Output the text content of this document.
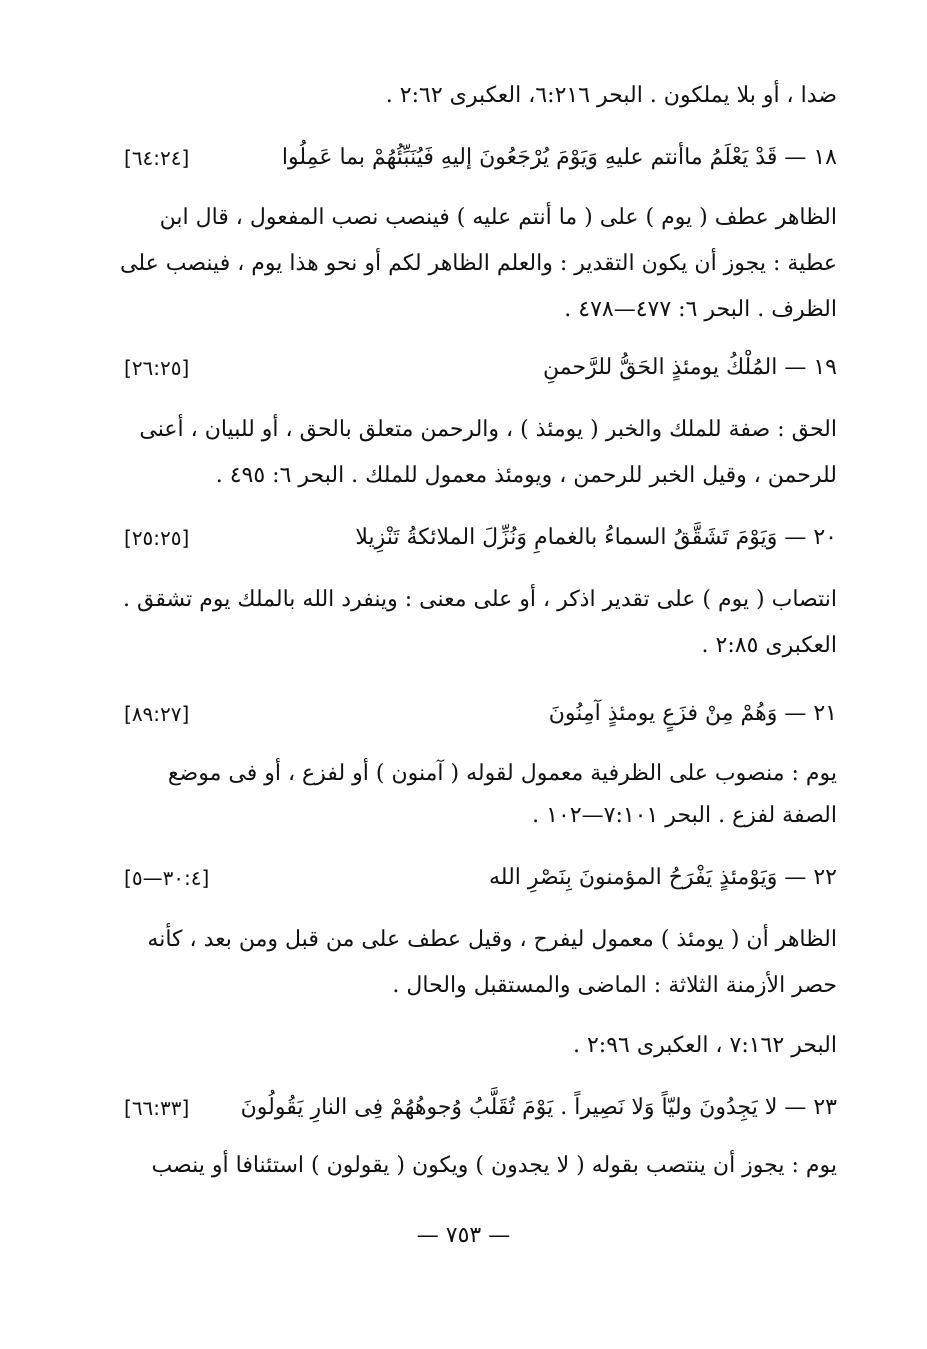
ضدا ، أو بلا يملكون . البحر ٦:٢١٦، العكبرى ٢:٦٢ .
١٨ — قَدْ يَعْلَمُ ماأنتم عليهِ وَيَوْمَ يُرْجَعُونَ إليهِ فَيُنَبِّئُهُمْ بما عَمِلُوا
[٦٤:٢٤]
الظاهر عطف ( يوم ) على ( ما أنتم عليه ) فينصب نصب المفعول ، قال ابن
عطية : يجوز أن يكون التقدير : والعلم الظاهر لكم أو نحو هذا يوم ، فينصب على
الظرف . البحر ٦: ٤٧٧—٤٧٨ .
١٩ — المُلْكُ يومئذٍ الحَقُّ للرَّحمنِ
[٢٦:٢٥]
الحق : صفة للملك والخبر ( يومئذ ) ، والرحمن متعلق بالحق ، أو للبيان ، أعنى
للرحمن ، وقيل الخبر للرحمن ، ويومئذ معمول للملك . البحر ٦: ٤٩٥ .
٢٠ — وَيَوْمَ تَشَقَّقُ السماءُ بالغمامِ وَنُزِّلَ الملائكةُ تَنْزِيلا
[٢٥:٢٥]
انتصاب ( يوم ) على تقدير اذكر ، أو على معنى : وينفرد الله بالملك يوم تشقق .
العكبرى ٢:٨٥ .
٢١ — وَهُمْ مِنْ فزَعٍ يومئذٍ آمِنُونَ
[٨٩:٢٧]
يوم : منصوب على الظرفية معمول لقوله ( آمنون ) أو لفزع ، أو فى موضع
الصفة لفزع . البحر ٧:١٠١—١٠٢ .
٢٢ — وَيَوْمئذٍ يَفْرَحُ المؤمنونَ بِنَصْرِ الله
[٣٠:٤—٥]
الظاهر أن ( يومئذ ) معمول ليفرح ، وقيل عطف على من قبل ومن بعد ، كأنه
حصر الأزمنة الثلاثة : الماضى والمستقبل والحال .
البحر ٧:١٦٢ ، العكبرى ٢:٩٦ .
٢٣ — لا يَجِدُونَ وليّاً وَلا نَصِيراً . يَوْمَ تُقَلَّبُ وُجوهُهُمْ فِى النارِ يَقُولُونَ
[٦٦:٣٣]
يوم : يجوز أن ينتصب بقوله ( لا يجدون ) ويكون ( يقولون ) استئنافا أو ينصب
— ٧٥٣ —
